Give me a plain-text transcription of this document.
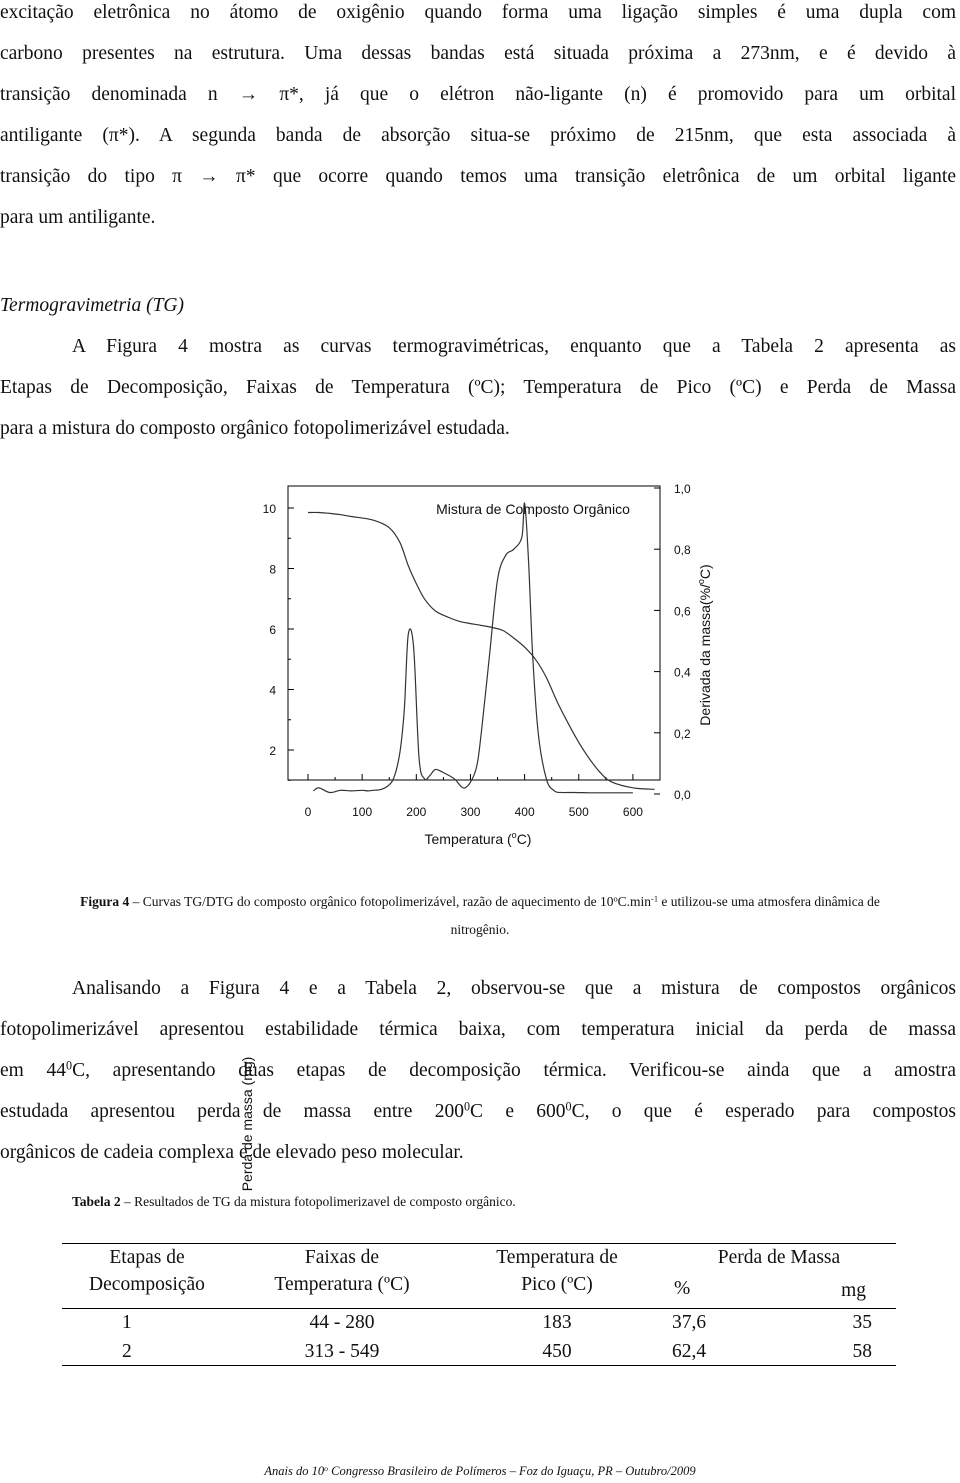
excitação eletrônica no átomo de oxigênio quando forma uma ligação simples é uma dupla com
carbono presentes na estrutura. Uma dessas bandas está situada próxima a 273nm, e é devido à
transição denominada n → π*, já que o elétron não-ligante (n) é promovido para um orbital
antiligante (π*). A segunda banda de absorção situa-se próximo de 215nm, que esta associada à
transição do tipo π → π* que ocorre quando temos uma transição eletrônica de um orbital ligante
para um antiligante.
Termogravimetria (TG)
A Figura 4 mostra as curvas termogravimétricas, enquanto que a Tabela 2 apresenta as
Etapas de Decomposição, Faixas de Temperatura (ºC); Temperatura de Pico (ºC) e Perda de Massa
para a mistura do composto orgânico fotopolimerizável estudada.
10
8
6
4
2
1,0
0,8
0,6
0,4
0,2
0,0
0	100	200	300	400	500	600
Mistura de Composto Orgânico
Perda de massa (mg)
Temperatura ($^o$C)
Derivada da massa(%/$^o$C)
Figura 4 – Curvas TG/DTG do composto orgânico fotopolimerizável, razão de aquecimento de $10^oC.\min^{-1}$ e utilizou-se uma atmosfera dinâmica de
nitrogênio.
Analisando a Figura 4 e a Tabela 2, observou-se que a mistura de compostos orgânicos
fotopolimerizável apresentou estabilidade térmica baixa, com temperatura inicial da perda de massa
em $44^0C$, apresentando duas etapas de decomposição térmica. Verificou-se ainda que a amostra
estudada apresentou perda de massa entre $200^0C$ e $600^0C$, o que é esperado para compostos
orgânicos de cadeia complexa e de elevado peso molecular.
Tabela 2 – Resultados de TG da mistura fotopolimerizavel de composto orgânico.
Etapas de	Faixas de	Temperatura de	Perda de Massa	
Decomposição	Temperatura (ºC)	Pico (ºC)	%	mg
1	44 - 280	183	37,6	35
2	313 - 549	450	62,4	58
Anais do 10$^o$ Congresso Brasileiro de Polímeros – Foz do Iguaçu, PR – Outubro/2009
